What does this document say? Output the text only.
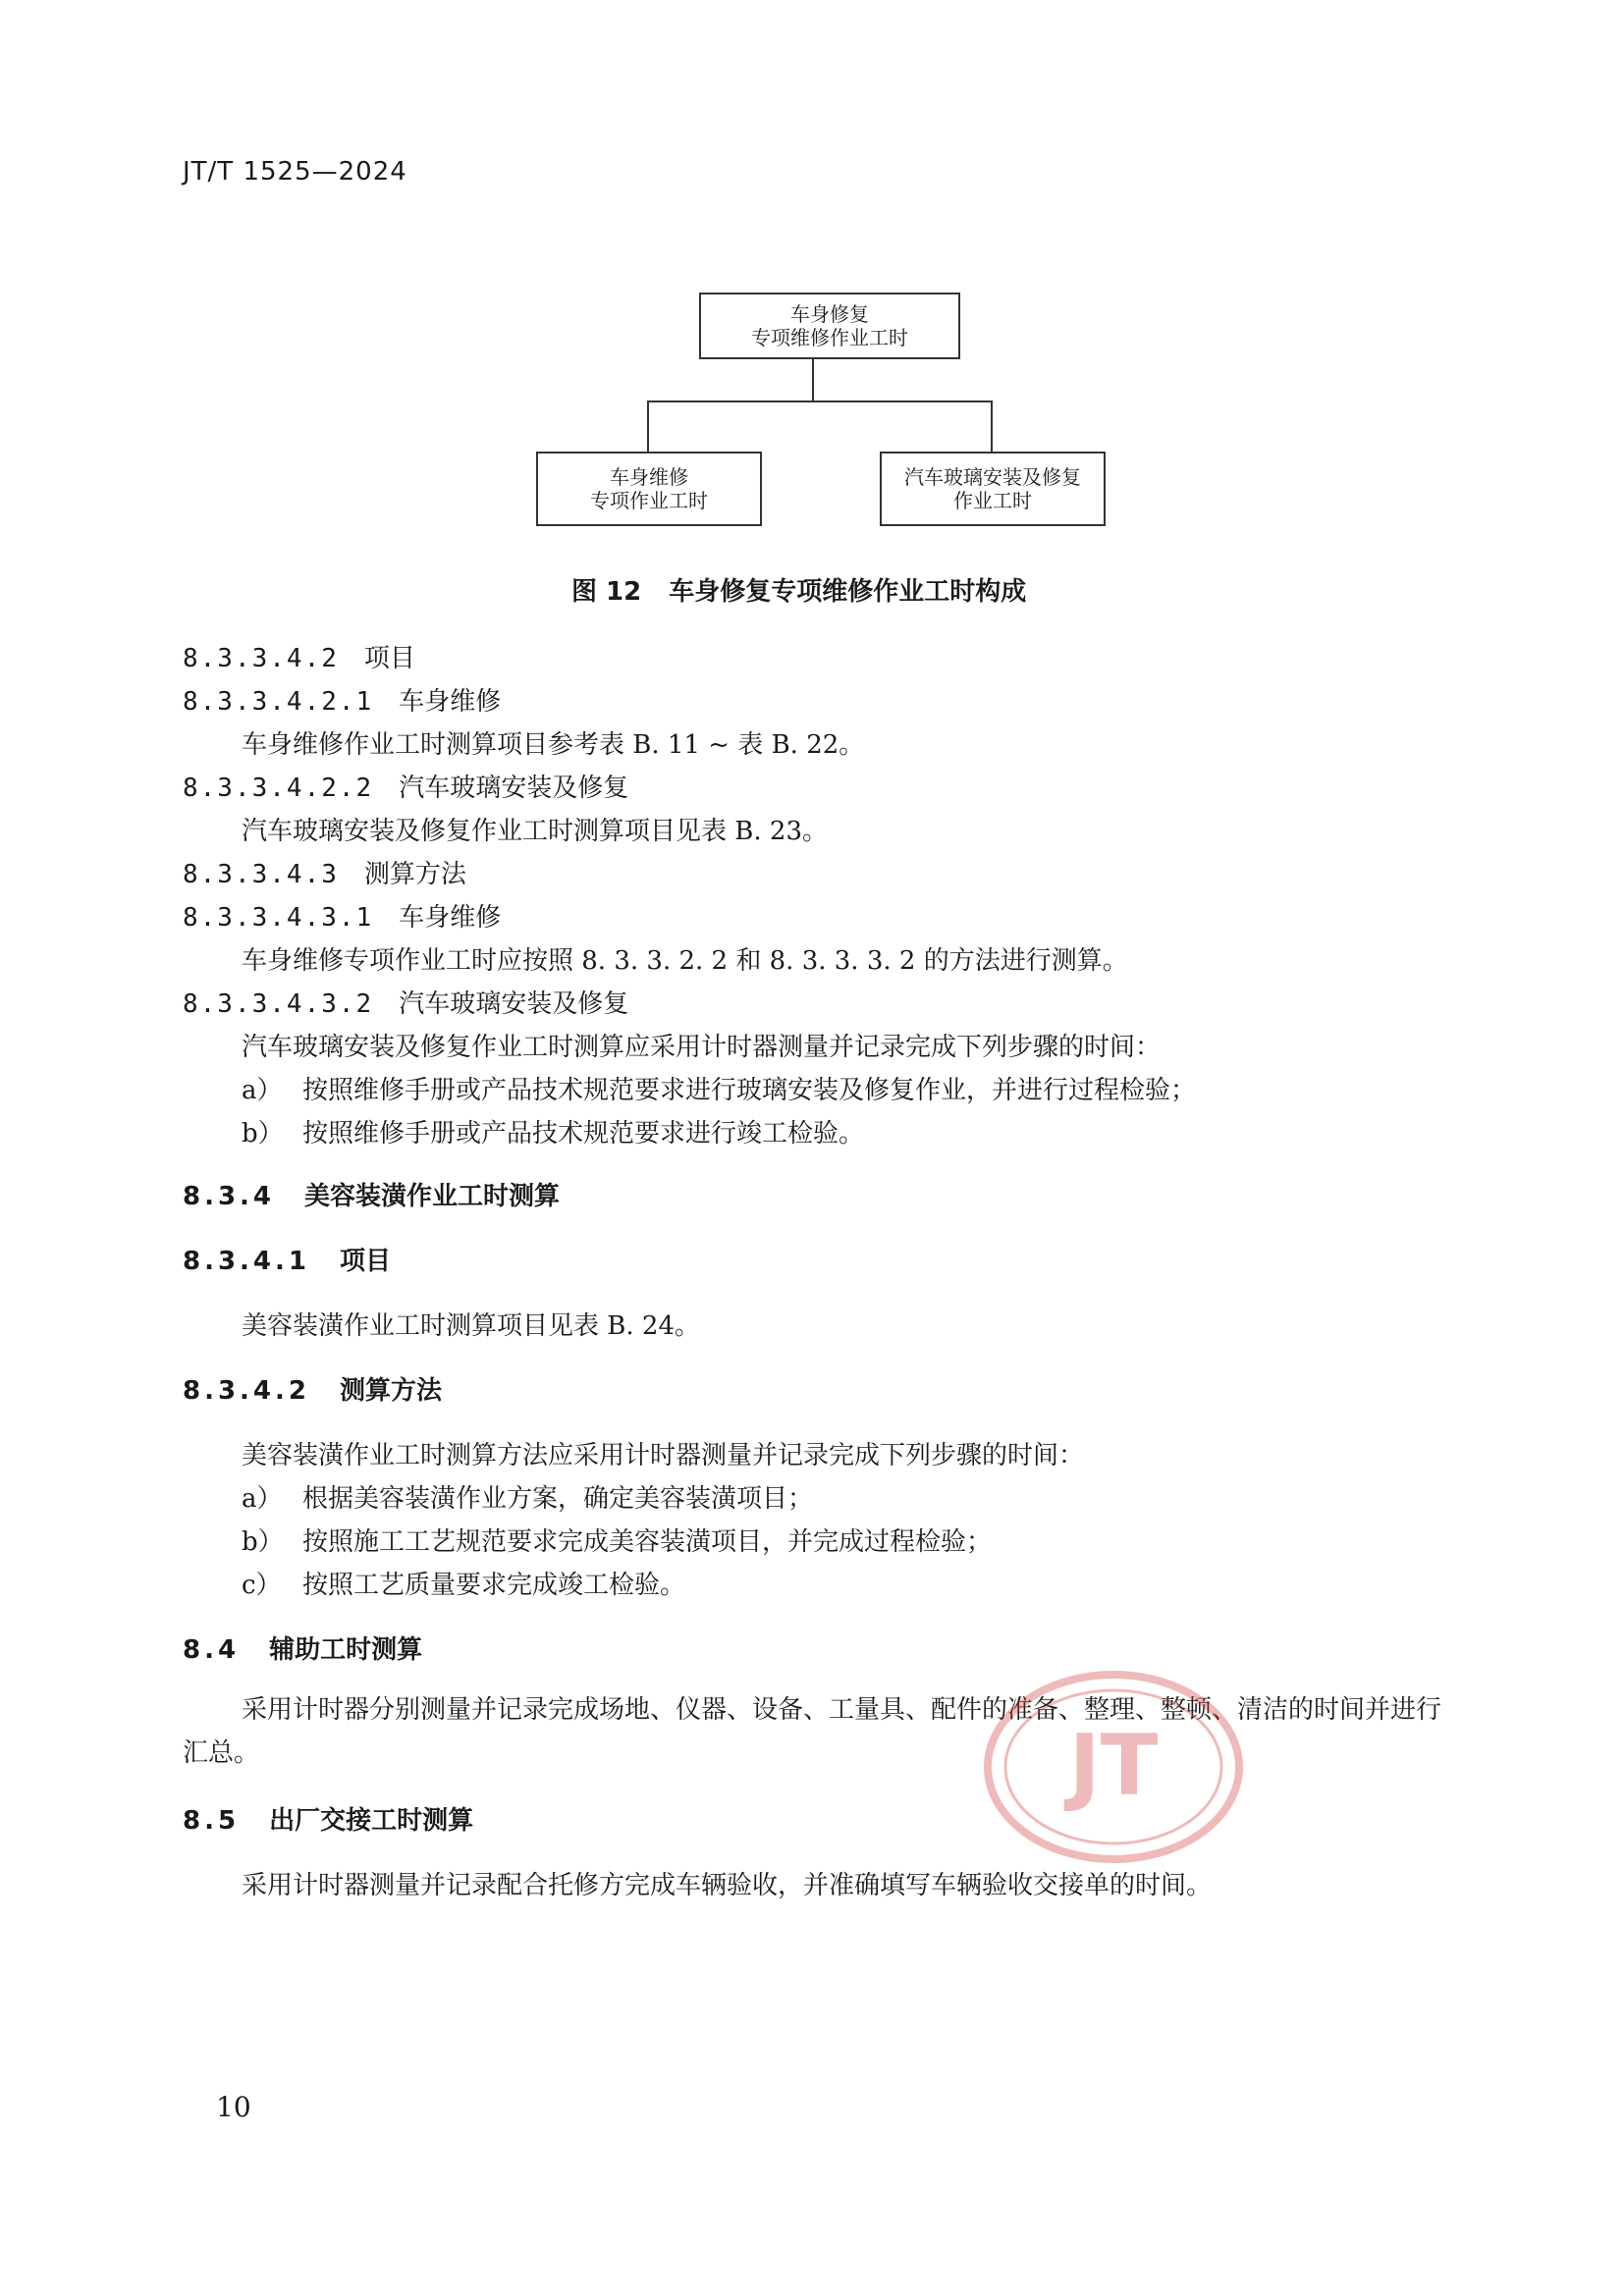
JT/T 1525—2024
车身修复
专项维修作业工时
车身维修
专项作业工时
汽车玻璃安装及修复
作业工时
图 12 车身修复专项维修作业工时构成
8.3.3.4.2 项目
8.3.3.4.2.1 车身维修
车身维修作业工时测算项目参考表 B. 11 ~ 表 B. 22。
8.3.3.4.2.2 汽车玻璃安装及修复
汽车玻璃安装及修复作业工时测算项目见表 B. 23。
8.3.3.4.3 测算方法
8.3.3.4.3.1 车身维修
车身维修专项作业工时应按照 8. 3. 3. 2. 2 和 8. 3. 3. 3. 2 的方法进行测算。
8.3.3.4.3.2 汽车玻璃安装及修复
汽车玻璃安装及修复作业工时测算应采用计时器测量并记录完成下列步骤的时间：
a） 按照维修手册或产品技术规范要求进行玻璃安装及修复作业，并进行过程检验；
b） 按照维修手册或产品技术规范要求进行竣工检验。
8.3.4 美容装潢作业工时测算
8.3.4.1 项目
美容装潢作业工时测算项目见表 B. 24。
8.3.4.2 测算方法
美容装潢作业工时测算方法应采用计时器测量并记录完成下列步骤的时间：
a） 根据美容装潢作业方案，确定美容装潢项目；
b） 按照施工工艺规范要求完成美容装潢项目，并完成过程检验；
c） 按照工艺质量要求完成竣工检验。
8.4 辅助工时测算
采用计时器分别测量并记录完成场地、仪器、设备、工量具、配件的准备、整理、整顿、清洁的时间并进行汇总。
8.5 出厂交接工时测算
采用计时器测量并记录配合托修方完成车辆验收，并准确填写车辆验收交接单的时间。
JT
10
